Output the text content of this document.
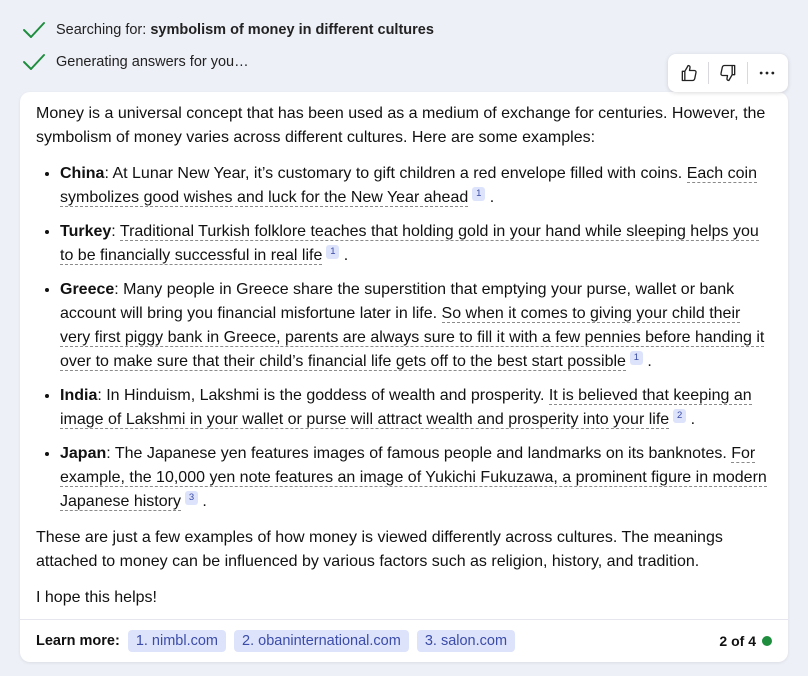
Searching for: symbolism of money in different cultures
Generating answers for you…

Money is a universal concept that has been used as a medium of exchange for centuries. However, the symbolism of money varies across different cultures. Here are some examples:

• China: At Lunar New Year, it’s customary to gift children a red envelope filled with coins. Each coin symbolizes good wishes and luck for the New Year ahead 1 .
• Turkey: Traditional Turkish folklore teaches that holding gold in your hand while sleeping helps you to be financially successful in real life 1 .
• Greece: Many people in Greece share the superstition that emptying your purse, wallet or bank account will bring you financial misfortune later in life. So when it comes to giving your child their very first piggy bank in Greece, parents are always sure to fill it with a few pennies before handing it over to make sure that their child’s financial life gets off to the best start possible 1 .
• India: In Hinduism, Lakshmi is the goddess of wealth and prosperity. It is believed that keeping an image of Lakshmi in your wallet or purse will attract wealth and prosperity into your life 2 .
• Japan: The Japanese yen features images of famous people and landmarks on its banknotes. For example, the 10,000 yen note features an image of Yukichi Fukuzawa, a prominent figure in modern Japanese history 3 .

These are just a few examples of how money is viewed differently across cultures. The meanings attached to money can be influenced by various factors such as religion, history, and tradition.

I hope this helps!

Learn more:	1. nimbl.com	2. obaninternational.com	3. salon.com	2 of 4
